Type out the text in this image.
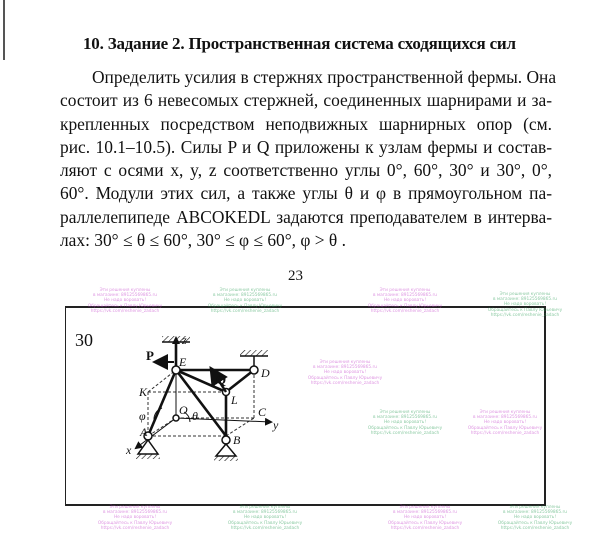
10. Задание 2. Пространственная система сходящихся сил
Определить усилия в стержнях пространственной фермы. Она
состоит из 6 невесомых стержней, соединенных шарнирами и за-
крепленных посредством неподвижных шарнирных опор (см.
рис. 10.1–10.5). Силы P и Q приложены к узлам фермы и состав-
ляют с осями x, y, z соответственно углы 0°, 60°, 30° и 30°, 0°,
60°. Модули этих сил, а также углы θ и φ в прямоугольном па-
раллелепипеде ABCOKEDL задаются преподавателем в интерва-
лах: 30° ≤ θ ≤ 60°, 30° ≤ φ ≤ 60°, φ > θ .
23
30	z
P E
D
Q
K
φ	O θ
L
C
y
A
x
B
Эти решения куплены
в магазине: 89125569865.ru
Не надо воровать!
Обращайтесь к Павлу Юрьевичу
https://vk.com/reshenie_zadach
Эти решения куплены
в магазине: 89125569865.ru
Не надо воровать!
Обращайтесь к Павлу Юрьевичу
https://vk.com/reshenie_zadach
Эти решения куплены
в магазине: 89125569865.ru
Не надо воровать!
Обращайтесь к Павлу Юрьевичу
https://vk.com/reshenie_zadach
Эти решения куплены
в магазине: 89125569865.ru
Не надо воровать!
Обращайтесь к Павлу Юрьевичу
https://vk.com/reshenie_zadach
Эти решения куплены
в магазине: 89125569865.ru
Не надо воровать!
Обращайтесь к Павлу Юрьевичу
https://vk.com/reshenie_zadach
Эти решения куплены
в магазине: 89125569865.ru
Не надо воровать!
Обращайтесь к Павлу Юрьевичу
https://vk.com/reshenie_zadach
Эти решения куплены
в магазине: 89125569865.ru
Не надо воровать!
Обращайтесь к Павлу Юрьевичу
https://vk.com/reshenie_zadach
Эти решения куплены
в магазине: 89125569865.ru
Не надо воровать!
Обращайтесь к Павлу Юрьевичу
https://vk.com/reshenie_zadach
Эти решения куплены
в магазине: 89125569865.ru
Не надо воровать!
Обращайтесь к Павлу Юрьевичу
https://vk.com/reshenie_zadach
Эти решения куплены
в магазине: 89125569865.ru
Не надо воровать!
Обращайтесь к Павлу Юрьевичу
https://vk.com/reshenie_zadach
Эти решения куплены
в магазине: 89125569865.ru
Не надо воровать!
Обращайтесь к Павлу Юрьевичу
https://vk.com/reshenie_zadach
